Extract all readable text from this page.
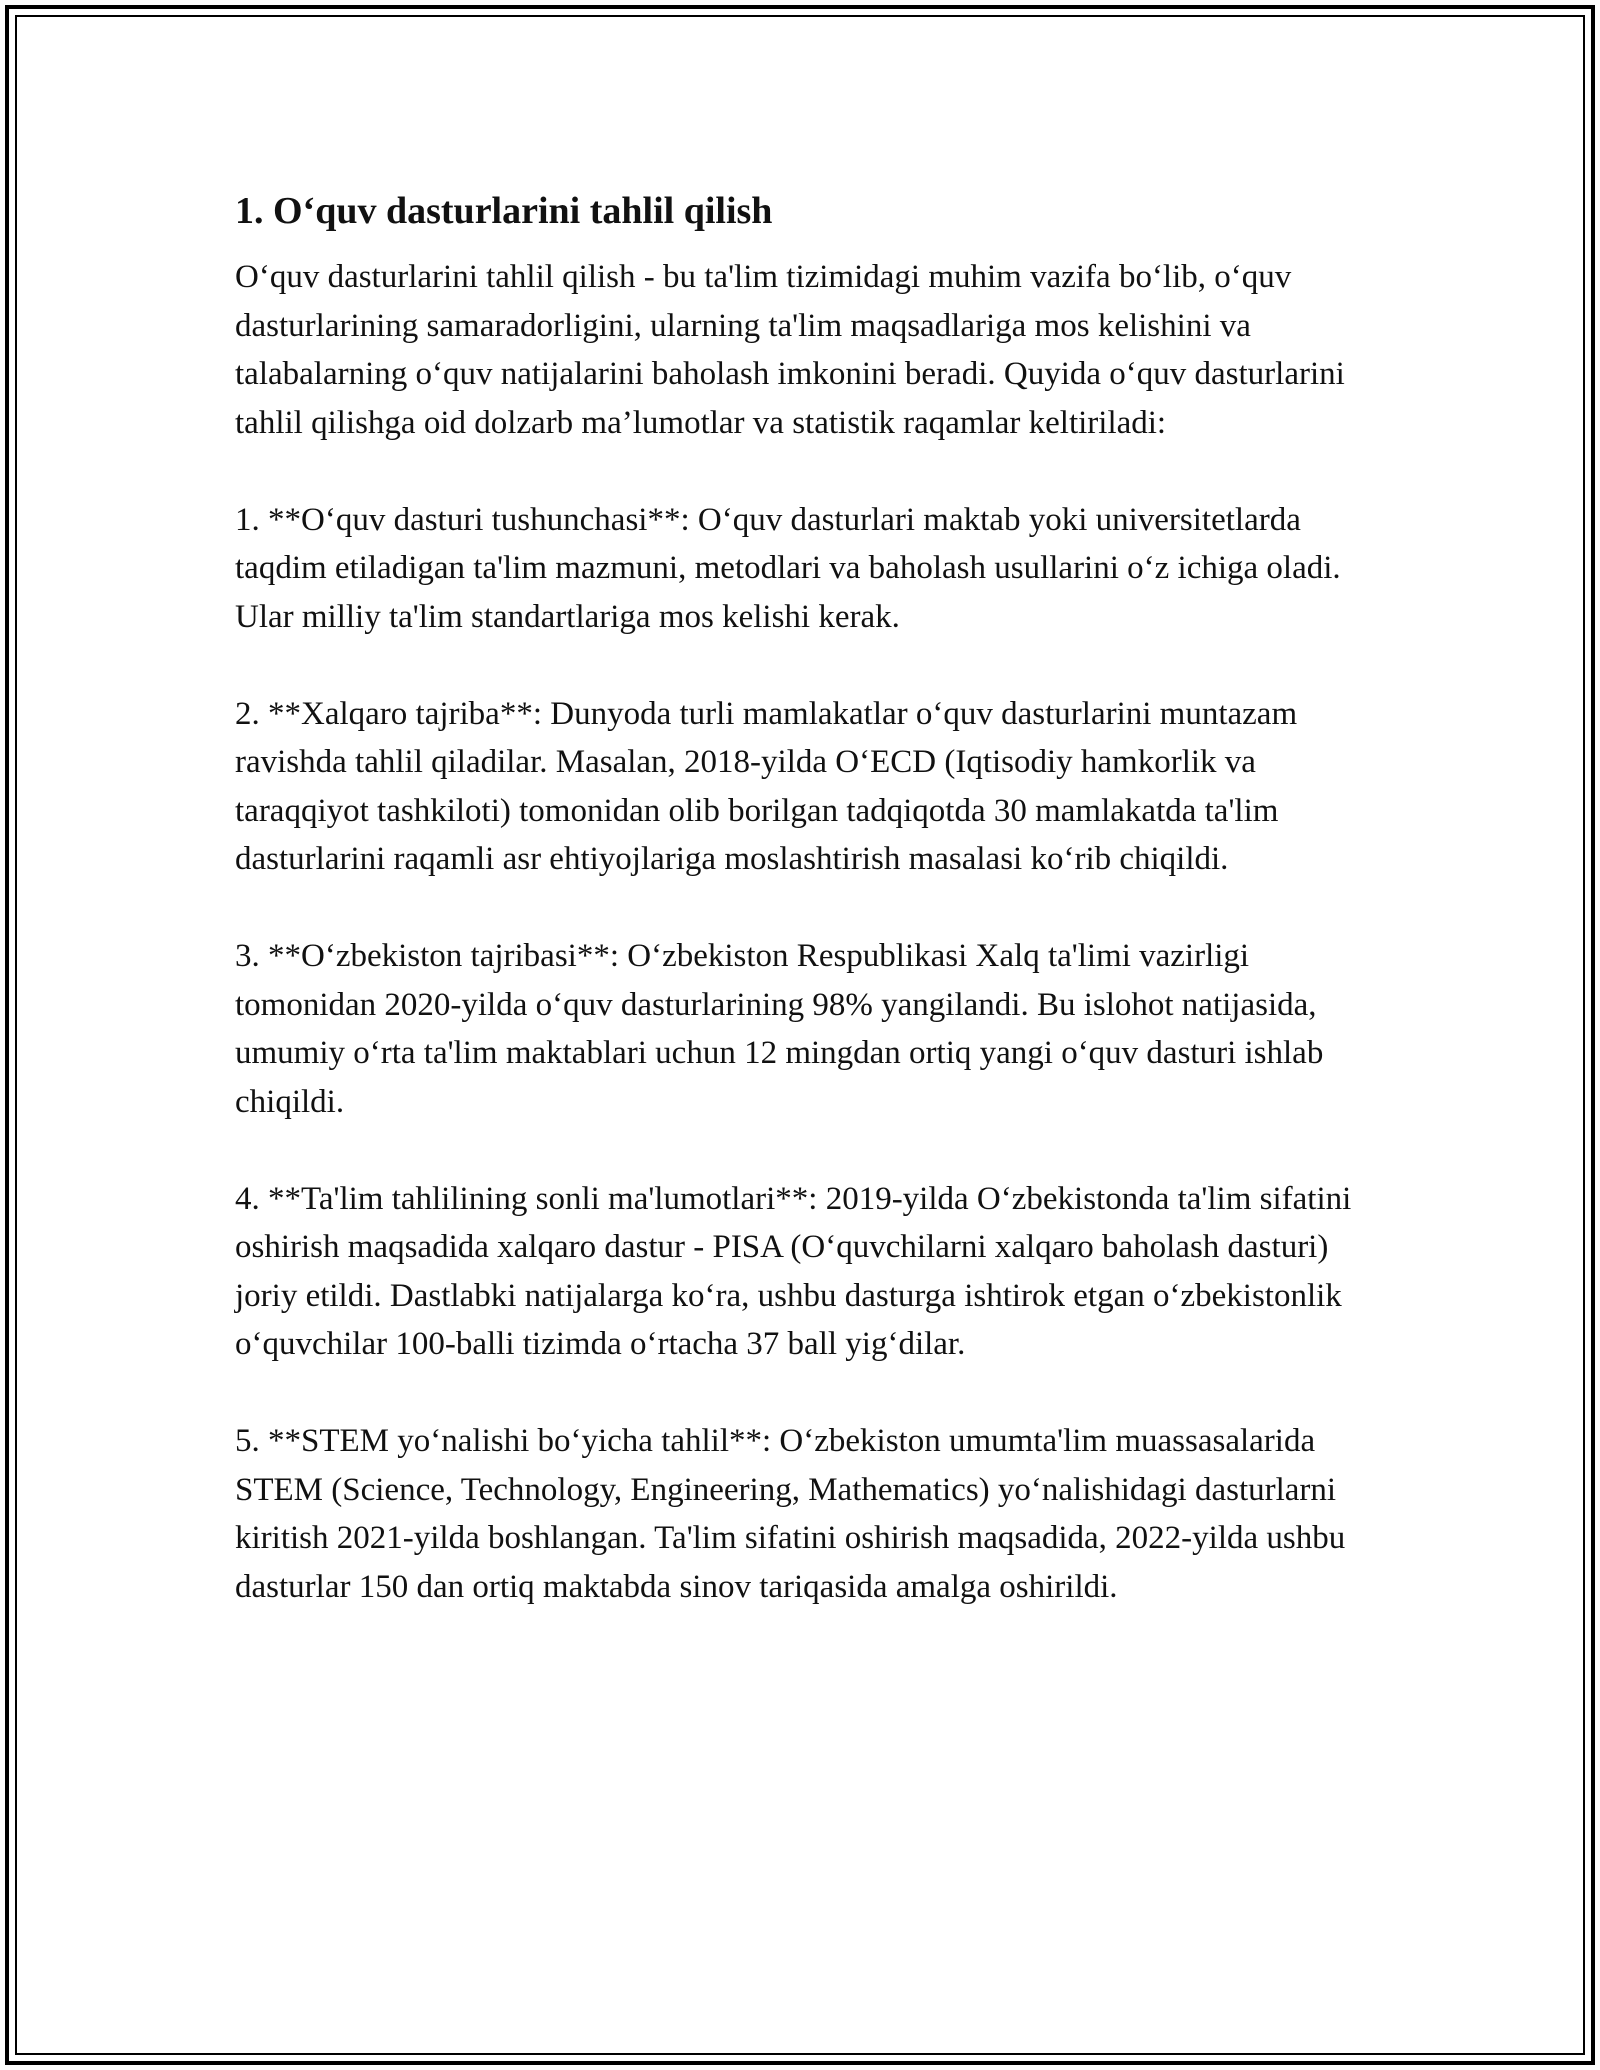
1. O‘quv dasturlarini tahlil qilish

O‘quv dasturlarini tahlil qilish - bu ta'lim tizimidagi muhim vazifa bo‘lib, o‘quv dasturlarining samaradorligini, ularning ta'lim maqsadlariga mos kelishini va talabalarning o‘quv natijalarini baholash imkonini beradi. Quyida o‘quv dasturlarini tahlil qilishga oid dolzarb ma’lumotlar va statistik raqamlar keltiriladi:

1. **O‘quv dasturi tushunchasi**: O‘quv dasturlari maktab yoki universitetlarda taqdim etiladigan ta'lim mazmuni, metodlari va baholash usullarini o‘z ichiga oladi. Ular milliy ta'lim standartlariga mos kelishi kerak.

2. **Xalqaro tajriba**: Dunyoda turli mamlakatlar o‘quv dasturlarini muntazam ravishda tahlil qiladilar. Masalan, 2018-yilda O‘ECD (Iqtisodiy hamkorlik va taraqqiyot tashkiloti) tomonidan olib borilgan tadqiqotda 30 mamlakatda ta'lim dasturlarini raqamli asr ehtiyojlariga moslashtirish masalasi ko‘rib chiqildi.

3. **O‘zbekiston tajribasi**: O‘zbekiston Respublikasi Xalq ta'limi vazirligi tomonidan 2020-yilda o‘quv dasturlarining 98% yangilandi. Bu islohot natijasida, umumiy o‘rta ta'lim maktablari uchun 12 mingdan ortiq yangi o‘quv dasturi ishlab chiqildi.

4. **Ta'lim tahlilining sonli ma'lumotlari**: 2019-yilda O‘zbekistonda ta'lim sifatini oshirish maqsadida xalqaro dastur - PISA (O‘quvchilarni xalqaro baholash dasturi) joriy etildi. Dastlabki natijalarga ko‘ra, ushbu dasturga ishtirok etgan o‘zbekistonlik o‘quvchilar 100-balli tizimda o‘rtacha 37 ball yig‘dilar.

5. **STEM yo‘nalishi bo‘yicha tahlil**: O‘zbekiston umumta'lim muassasalarida STEM (Science, Technology, Engineering, Mathematics) yo‘nalishidagi dasturlarni kiritish 2021-yilda boshlangan. Ta'lim sifatini oshirish maqsadida, 2022-yilda ushbu dasturlar 150 dan ortiq maktabda sinov tariqasida amalga oshirildi.
